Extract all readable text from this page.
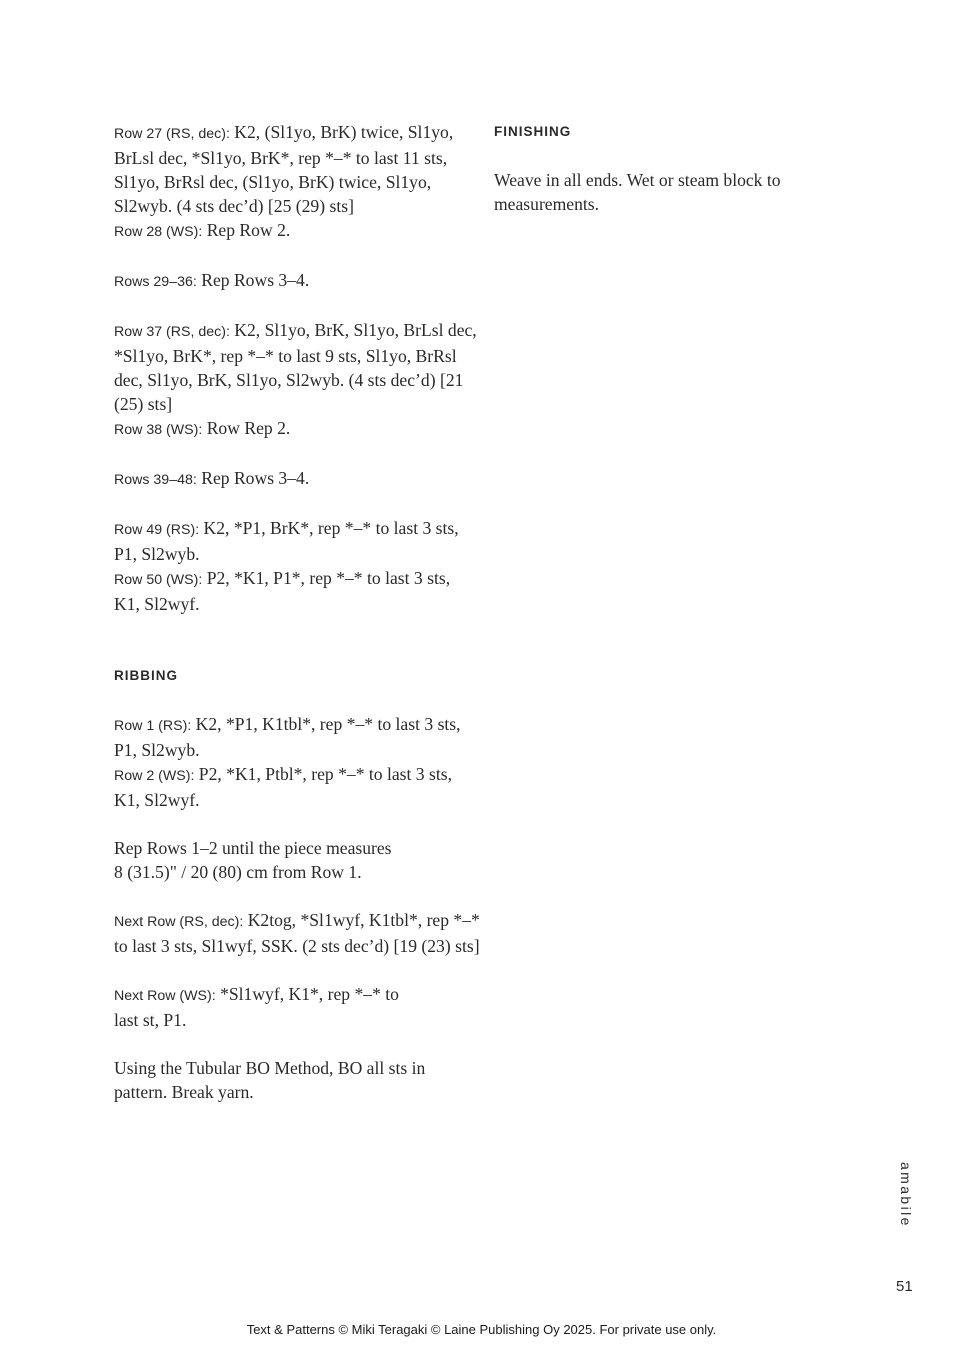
Row 27 (RS, dec): K2, (Sl1yo, BrK) twice, Sl1yo, BrLsl dec, *Sl1yo, BrK*, rep *–* to last 11 sts, Sl1yo, BrRsl dec, (Sl1yo, BrK) twice, Sl1yo, Sl2wyb. (4 sts dec’d) [25 (29) sts]

Row 28 (WS): Rep Row 2.

Rows 29–36: Rep Rows 3–4.

Row 37 (RS, dec): K2, Sl1yo, BrK, Sl1yo, BrLsl dec, *Sl1yo, BrK*, rep *–* to last 9 sts, Sl1yo, BrRsl dec, Sl1yo, BrK, Sl1yo, Sl2wyb. (4 sts dec’d) [21 (25) sts]

Row 38 (WS): Row Rep 2.

Rows 39–48: Rep Rows 3–4.

Row 49 (RS): K2, *P1, BrK*, rep *–* to last 3 sts, P1, Sl2wyb.

Row 50 (WS): P2, *K1, P1*, rep *–* to last 3 sts, K1, Sl2wyf.

RIBBING

Row 1 (RS): K2, *P1, K1tbl*, rep *–* to last 3 sts, P1, Sl2wyb.

Row 2 (WS): P2, *K1, Ptbl*, rep *–* to last 3 sts, K1, Sl2wyf.

Rep Rows 1–2 until the piece measures
8 (31.5)" / 20 (80) cm from Row 1.

Next Row (RS, dec): K2tog, *Sl1wyf, K1tbl*, rep *–* to last 3 sts, Sl1wyf, SSK. (2 sts dec’d) [19 (23) sts]

Next Row (WS): *Sl1wyf, K1*, rep *–* to
last st, P1.

Using the Tubular BO Method, BO all sts in
pattern. Break yarn.

FINISHING

Weave in all ends. Wet or steam block to measurements.

amabile
51
Text & Patterns © Miki Teragaki © Laine Publishing Oy 2025. For private use only.
